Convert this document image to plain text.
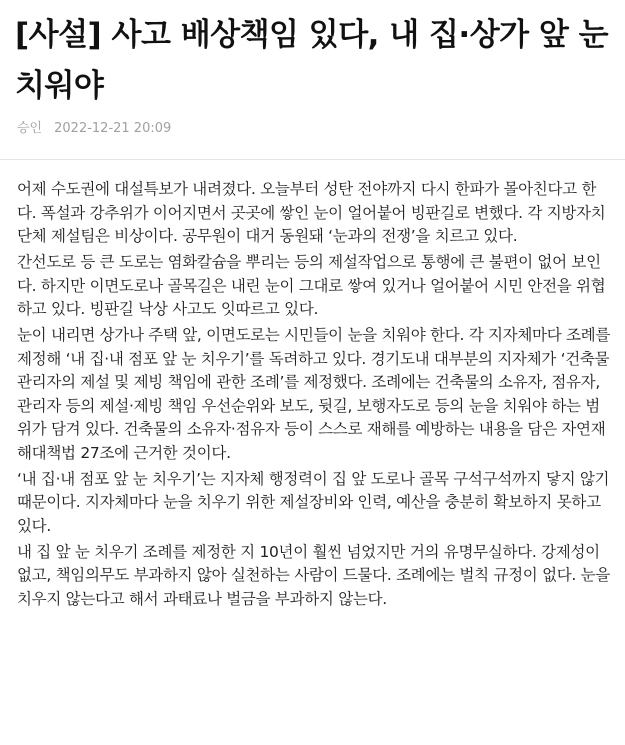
[사설] 사고 배상책임 있다, 내 집·상가 앞 눈 치워야
승인 2022-12-21 20:09

어제 수도권에 대설특보가 내려졌다. 오늘부터 성탄 전야까지 다시 한파가 몰아친다고 한다. 폭설과 강추위가 이어지면서 곳곳에 쌓인 눈이 얼어붙어 빙판길로 변했다. 각 지방자치단체 제설팀은 비상이다. 공무원이 대거 동원돼 ‘눈과의 전쟁’을 치르고 있다.

간선도로 등 큰 도로는 염화칼슘을 뿌리는 등의 제설작업으로 통행에 큰 불편이 없어 보인다. 하지만 이면도로나 골목길은 내린 눈이 그대로 쌓여 있거나 얼어붙어 시민 안전을 위협하고 있다. 빙판길 낙상 사고도 잇따르고 있다.

눈이 내리면 상가나 주택 앞, 이면도로는 시민들이 눈을 치워야 한다. 각 지자체마다 조례를 제정해 ‘내 집·내 점포 앞 눈 치우기’를 독려하고 있다. 경기도내 대부분의 지자체가 ‘건축물관리자의 제설 및 제빙 책임에 관한 조례’를 제정했다. 조례에는 건축물의 소유자, 점유자, 관리자 등의 제설·제빙 책임 우선순위와 보도, 뒷길, 보행자도로 등의 눈을 치워야 하는 범위가 담겨 있다. 건축물의 소유자·점유자 등이 스스로 재해를 예방하는 내용을 담은 자연재해대책법 27조에 근거한 것이다.

‘내 집·내 점포 앞 눈 치우기’는 지자체 행정력이 집 앞 도로나 골목 구석구석까지 닿지 않기 때문이다. 지자체마다 눈을 치우기 위한 제설장비와 인력, 예산을 충분히 확보하지 못하고 있다.

내 집 앞 눈 치우기 조례를 제정한 지 10년이 훨씬 넘었지만 거의 유명무실하다. 강제성이 없고, 책임의무도 부과하지 않아 실천하는 사람이 드물다. 조례에는 벌칙 규정이 없다. 눈을 치우지 않는다고 해서 과태료나 벌금을 부과하지 않는다.
